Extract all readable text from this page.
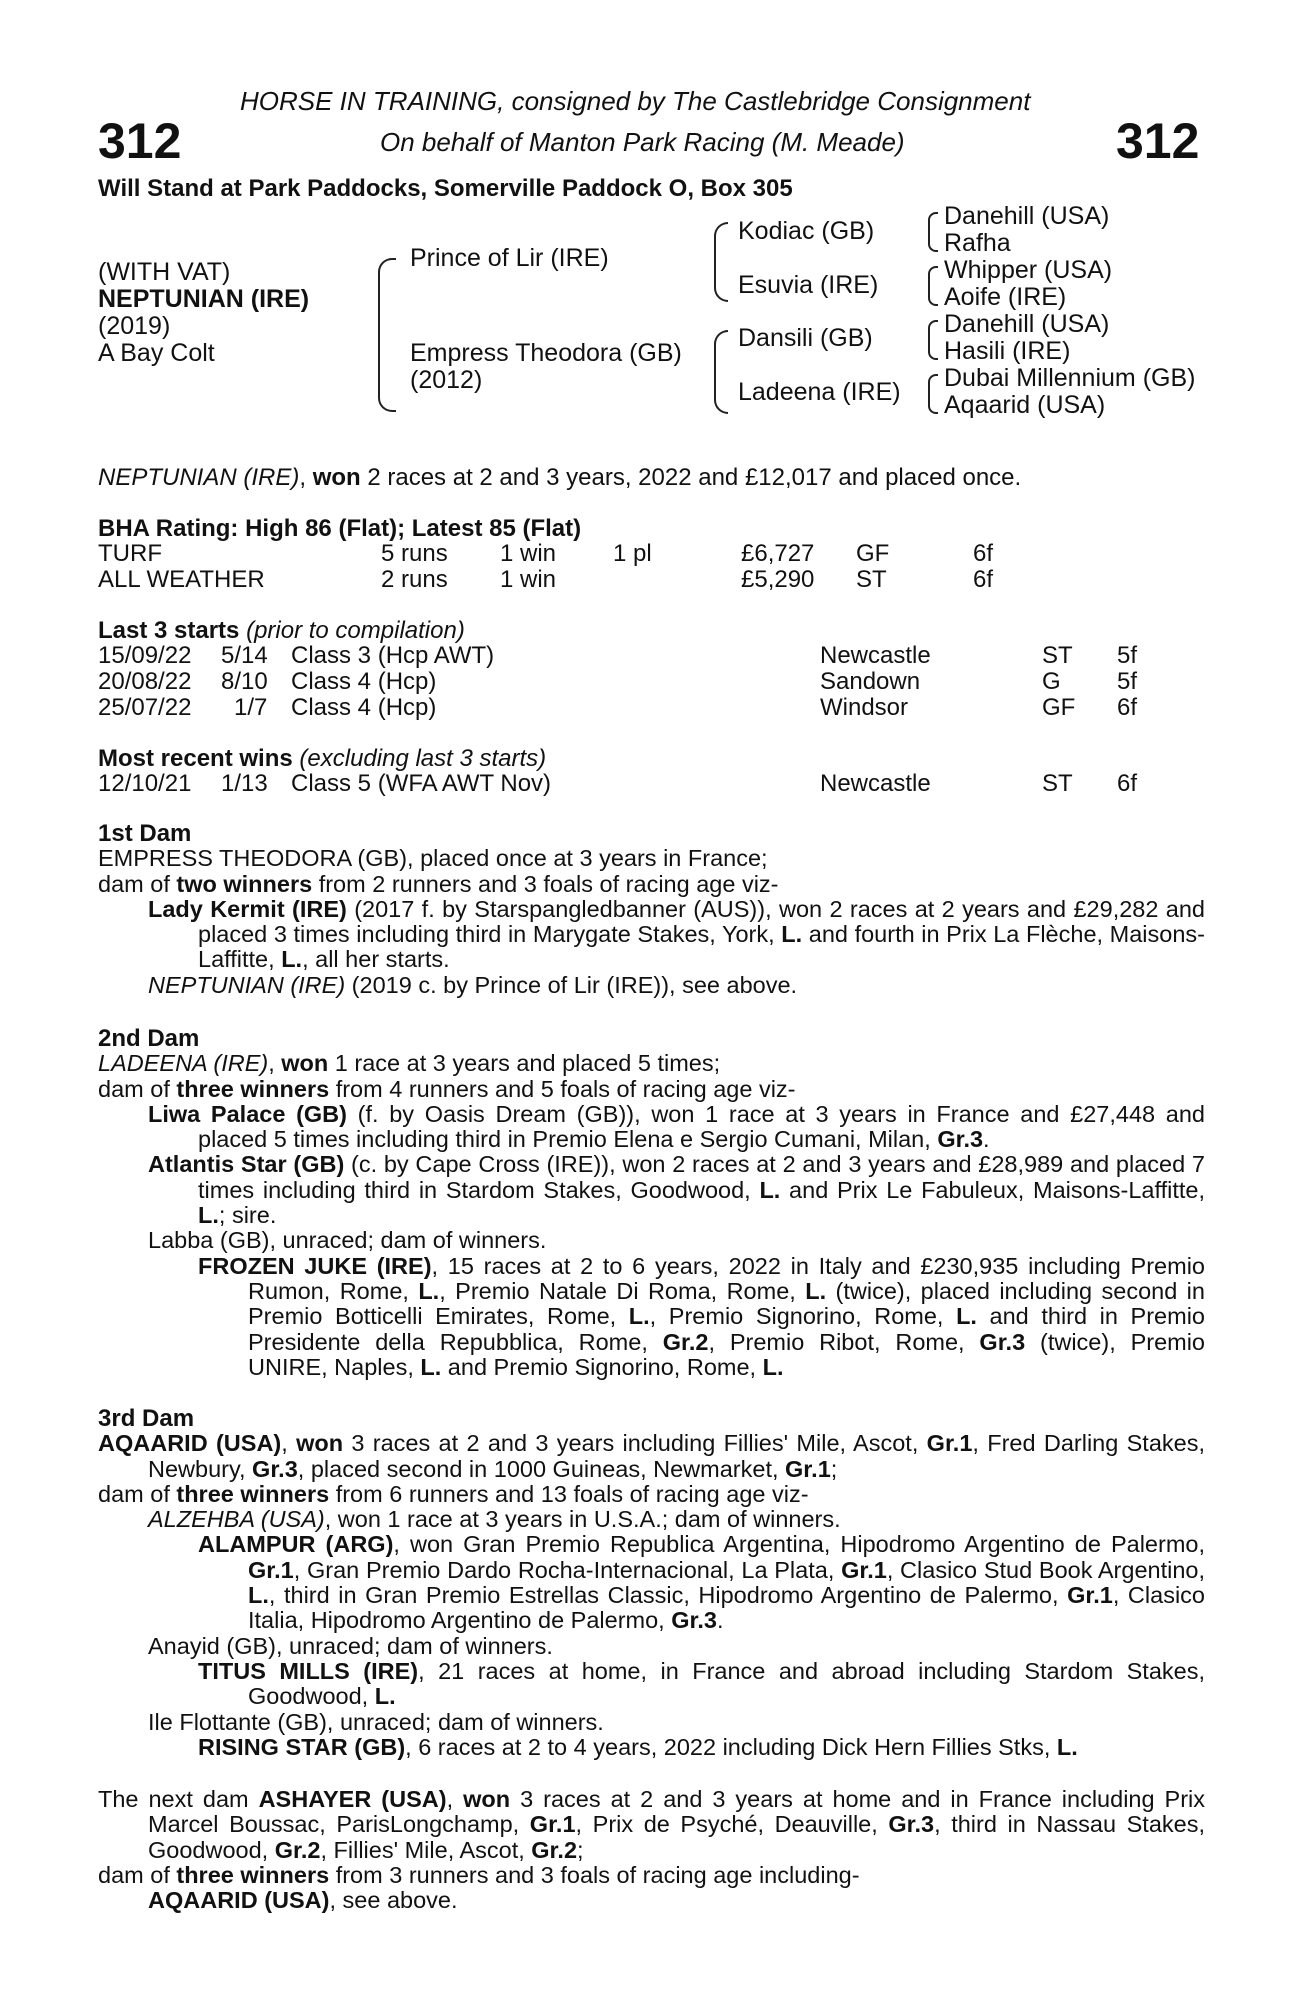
312	312
HORSE IN TRAINING, consigned by The Castlebridge Consignment
On behalf of Manton Park Racing (M. Meade)
Will Stand at Park Paddocks, Somerville Paddock O, Box 305
(WITH VAT)
NEPTUNIAN (IRE)
(2019)
A Bay Colt
Prince of Lir (IRE)
Empress Theodora (GB)
(2012)
Kodiac (GB)
Esuvia (IRE)
Dansili (GB)
Ladeena (IRE)
Danehill (USA)
Rafha
Whipper (USA)
Aoife (IRE)
Danehill (USA)
Hasili (IRE)
Dubai Millennium (GB)
Aqaarid (USA)
NEPTUNIAN (IRE), won 2 races at 2 and 3 years, 2022 and £12,017 and placed once.
BHA Rating: High 86 (Flat); Latest 85 (Flat)
TURF	5 runs 1 win 1 pl	£6,727 GF	6f
ALL WEATHER	2 runs 1 win	£5,290 ST	6f
Last 3 starts (prior to compilation)
15/09/22 5/14 Class 3 (Hcp AWT)	Newcastle	ST 5f
20/08/22 8/10 Class 4 (Hcp)	Sandown	G 5f
25/07/22 1/7 Class 4 (Hcp)	Windsor	GF 6f
Most recent wins (excluding last 3 starts)
12/10/21 1/13 Class 5 (WFA AWT Nov)	Newcastle	ST 6f

1st Dam

EMPRESS THEODORA (GB), placed once at 3 years in France;

dam of two winners from 2 runners and 3 foals of racing age viz-

Lady Kermit (IRE) (2017 f. by Starspangledbanner (AUS)), won 2 races at 2 years and £29,282 and placed 3 times including third in Marygate Stakes, York, L. and fourth in Prix La Flèche, Maisons-Laffitte, L., all her starts.

NEPTUNIAN (IRE) (2019 c. by Prince of Lir (IRE)), see above.

2nd Dam

LADEENA (IRE), won 1 race at 3 years and placed 5 times;

dam of three winners from 4 runners and 5 foals of racing age viz-

Liwa Palace (GB) (f. by Oasis Dream (GB)), won 1 race at 3 years in France and £27,448 and placed 5 times including third in Premio Elena e Sergio Cumani, Milan, Gr.3.

Atlantis Star (GB) (c. by Cape Cross (IRE)), won 2 races at 2 and 3 years and £28,989 and placed 7 times including third in Stardom Stakes, Goodwood, L. and Prix Le Fabuleux, Maisons-Laffitte, L.; sire.

Labba (GB), unraced; dam of winners.

FROZEN JUKE (IRE), 15 races at 2 to 6 years, 2022 in Italy and £230,935 including Premio Rumon, Rome, L., Premio Natale Di Roma, Rome, L. (twice), placed including second in Premio Botticelli Emirates, Rome, L., Premio Signorino, Rome, L. and third in Premio Presidente della Repubblica, Rome, Gr.2, Premio Ribot, Rome, Gr.3 (twice), Premio UNIRE, Naples, L. and Premio Signorino, Rome, L.

3rd Dam

AQAARID (USA), won 3 races at 2 and 3 years including Fillies' Mile, Ascot, Gr.1, Fred Darling Stakes, Newbury, Gr.3, placed second in 1000 Guineas, Newmarket, Gr.1;

dam of three winners from 6 runners and 13 foals of racing age viz-

ALZEHBA (USA), won 1 race at 3 years in U.S.A.; dam of winners.

ALAMPUR (ARG), won Gran Premio Republica Argentina, Hipodromo Argentino de Palermo, Gr.1, Gran Premio Dardo Rocha-Internacional, La Plata, Gr.1, Clasico Stud Book Argentino, L., third in Gran Premio Estrellas Classic, Hipodromo Argentino de Palermo, Gr.1, Clasico Italia, Hipodromo Argentino de Palermo, Gr.3.

Anayid (GB), unraced; dam of winners.

TITUS MILLS (IRE), 21 races at home, in France and abroad including Stardom Stakes, Goodwood, L.

Ile Flottante (GB), unraced; dam of winners.

RISING STAR (GB), 6 races at 2 to 4 years, 2022 including Dick Hern Fillies Stks, L.

The next dam ASHAYER (USA), won 3 races at 2 and 3 years at home and in France including Prix Marcel Boussac, ParisLongchamp, Gr.1, Prix de Psyché, Deauville, Gr.3, third in Nassau Stakes, Goodwood, Gr.2, Fillies' Mile, Ascot, Gr.2;

dam of three winners from 3 runners and 3 foals of racing age including-

AQAARID (USA), see above.
